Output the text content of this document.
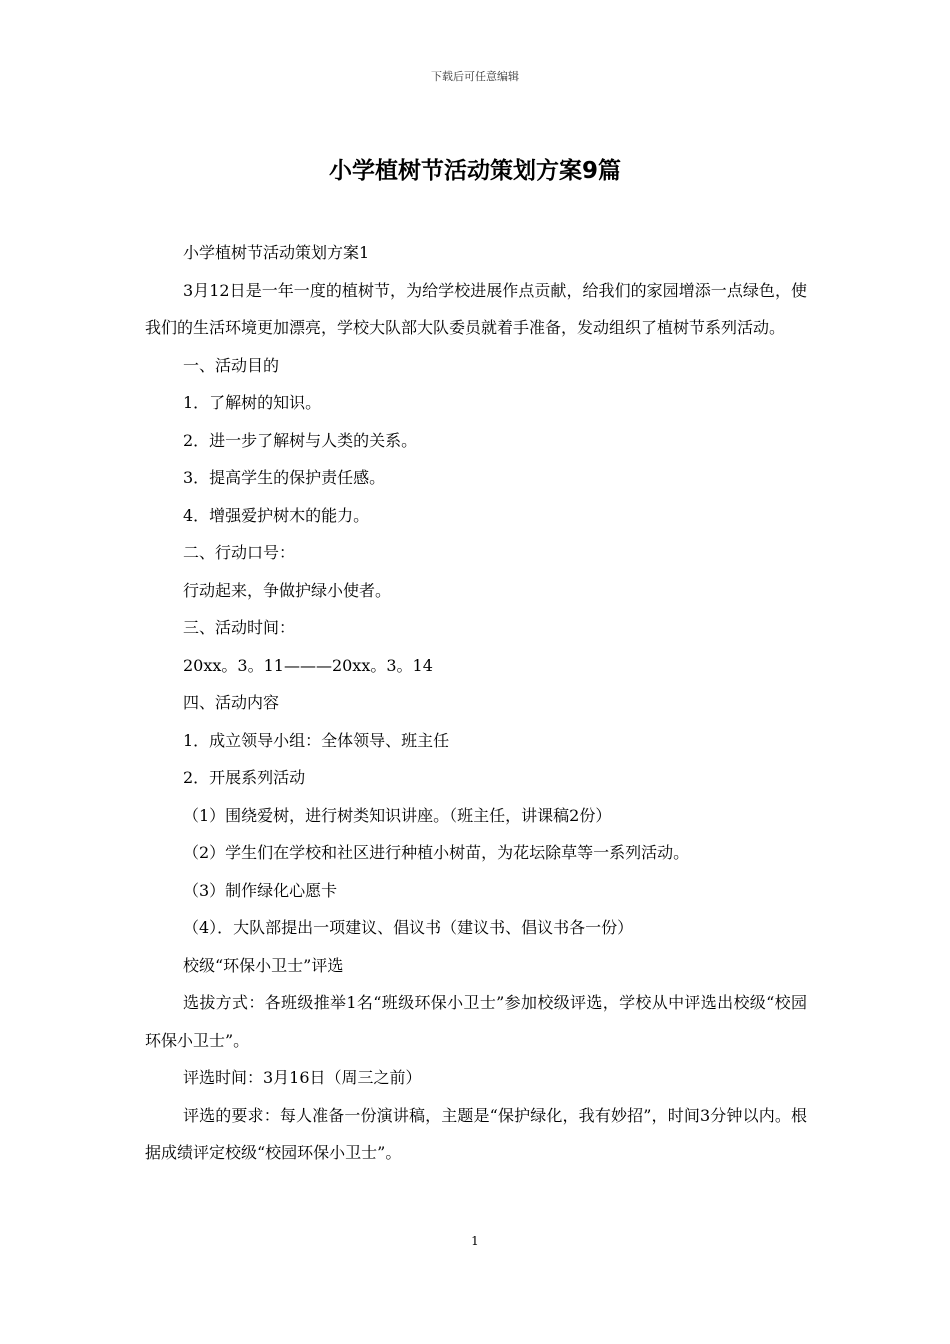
下载后可任意编辑
小学植树节活动策划方案9篇

小学植树节活动策划方案1

3月12日是一年一度的植树节，为给学校进展作点贡献，给我们的家园增添一点绿色，使我们的生活环境更加漂亮，学校大队部大队委员就着手准备，发动组织了植树节系列活动。

一、活动目的

1．了解树的知识。

2．进一步了解树与人类的关系。

3．提高学生的保护责任感。

4．增强爱护树木的能力。

二、行动口号：

行动起来，争做护绿小使者。

三、活动时间：

20xx。3。11———20xx。3。14

四、活动内容

1．成立领导小组：全体领导、班主任

2．开展系列活动

（1）围绕爱树，进行树类知识讲座。（班主任，讲课稿2份）

（2）学生们在学校和社区进行种植小树苗，为花坛除草等一系列活动。

（3）制作绿化心愿卡

（4）．大队部提出一项建议、倡议书（建议书、倡议书各一份）

校级“环保小卫士”评选

选拔方式：各班级推举1名“班级环保小卫士”参加校级评选，学校从中评选出校级“校园环保小卫士”。

评选时间：3月16日（周三之前）

评选的要求：每人准备一份演讲稿，主题是“保护绿化，我有妙招”，时间3分钟以内。根据成绩评定校级“校园环保小卫士”。

1
